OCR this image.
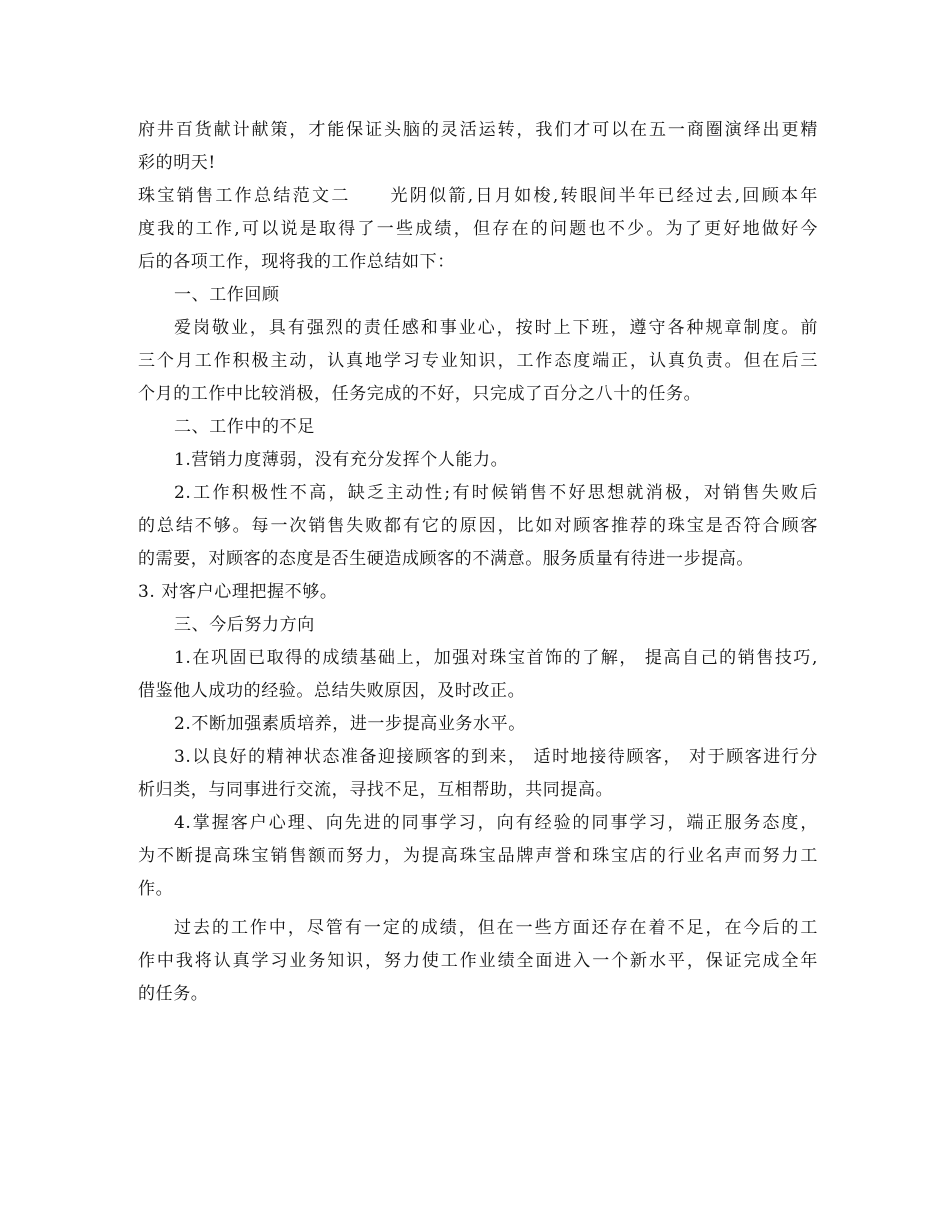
府井百货献计献策，才能保证头脑的灵活运转，我们才可以在五一商圈演绎出更精
彩的明天!
珠宝销售工作总结范文二 光阴似箭,日月如梭,转眼间半年已经过去,回顾本年
度我的工作,可以说是取得了一些成绩，但存在的问题也不少。为了更好地做好今
后的各项工作，现将我的工作总结如下：
一、工作回顾
爱岗敬业，具有强烈的责任感和事业心，按时上下班，遵守各种规章制度。前
三个月工作积极主动，认真地学习专业知识，工作态度端正，认真负责。但在后三
个月的工作中比较消极，任务完成的不好，只完成了百分之八十的任务。
二、工作中的不足
1.营销力度薄弱，没有充分发挥个人能力。
2.工作积极性不高，缺乏主动性;有时候销售不好思想就消极，对销售失败后
的总结不够。每一次销售失败都有它的原因，比如对顾客推荐的珠宝是否符合顾客
的需要，对顾客的态度是否生硬造成顾客的不满意。服务质量有待进一步提高。
3. 对客户心理把握不够。
三、今后努力方向
1.在巩固已取得的成绩基础上，加强对珠宝首饰的了解， 提高自己的销售技巧,
借鉴他人成功的经验。总结失败原因，及时改正。
2.不断加强素质培养，进一步提高业务水平。
3.以良好的精神状态准备迎接顾客的到来， 适时地接待顾客， 对于顾客进行分
析归类，与同事进行交流，寻找不足，互相帮助，共同提高。
4.掌握客户心理、向先进的同事学习，向有经验的同事学习，端正服务态度，
为不断提高珠宝销售额而努力，为提高珠宝品牌声誉和珠宝店的行业名声而努力工
作。
过去的工作中，尽管有一定的成绩，但在一些方面还存在着不足，在今后的工
作中我将认真学习业务知识，努力使工作业绩全面进入一个新水平，保证完成全年
的任务。
